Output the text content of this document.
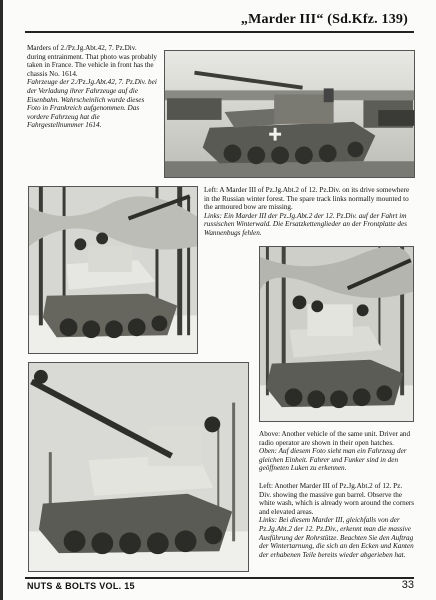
„Marder III“ (Sd.Kfz. 139)

Marders of 2./Pz.Jg.Abt.42, 7. Pz.Div. during entrainment. That photo was probably taken in France. The vehicle in front has the chassis No. 1614.

Fahrzeuge der 2./Pz.Jg.Abt.42, 7. Pz.Div. bei der Verladung ihrer Fahrzeuge auf die Eisenbahn. Wahrscheinlich wurde dieses Foto in Frankreich aufgenommen. Das vordere Fahrzeug hat die Fahrgestellnummer 1614.

Left: A Marder III of Pz.Jg.Abt.2 of 12. Pz.Div. on its drive somewhere in the Russian winter forest. The spare track links normally mounted to the armoured bow are missing.

Links: Ein Marder III der Pz.Jg.Abt.2 der 12. Pz.Div. auf der Fahrt im russischen Winterwald. Die Ersatzkettenglieder an der Frontplatte des Wannenbugs fehlen.

Above: Another vehicle of the same unit. Driver and radio operator are shown in their open hatches.

Oben: Auf diesem Foto sieht man ein Fahrzeug der gleichen Einheit. Fahrer und Funker sind in den geöffneten Luken zu erkennen.

Left: Another Marder III of Pz.Jg.Abt.2 of 12. Pz. Div. showing the massive gun barrel. Observe the white wash, which is already worn around the corners and elevated areas.

Links: Bei diesem Marder III, gleichfalls von der Pz.Jg.Abt.2 der 12. Pz.Div., erkennt man die massive Ausführung der Rohrstütze. Beachten Sie den Auftrag der Wintertarnung, die sich an den Ecken und Kanten der erhabenen Teile bereits wieder abgerieben hat.

NUTS & BOLTS VOL. 15	33
